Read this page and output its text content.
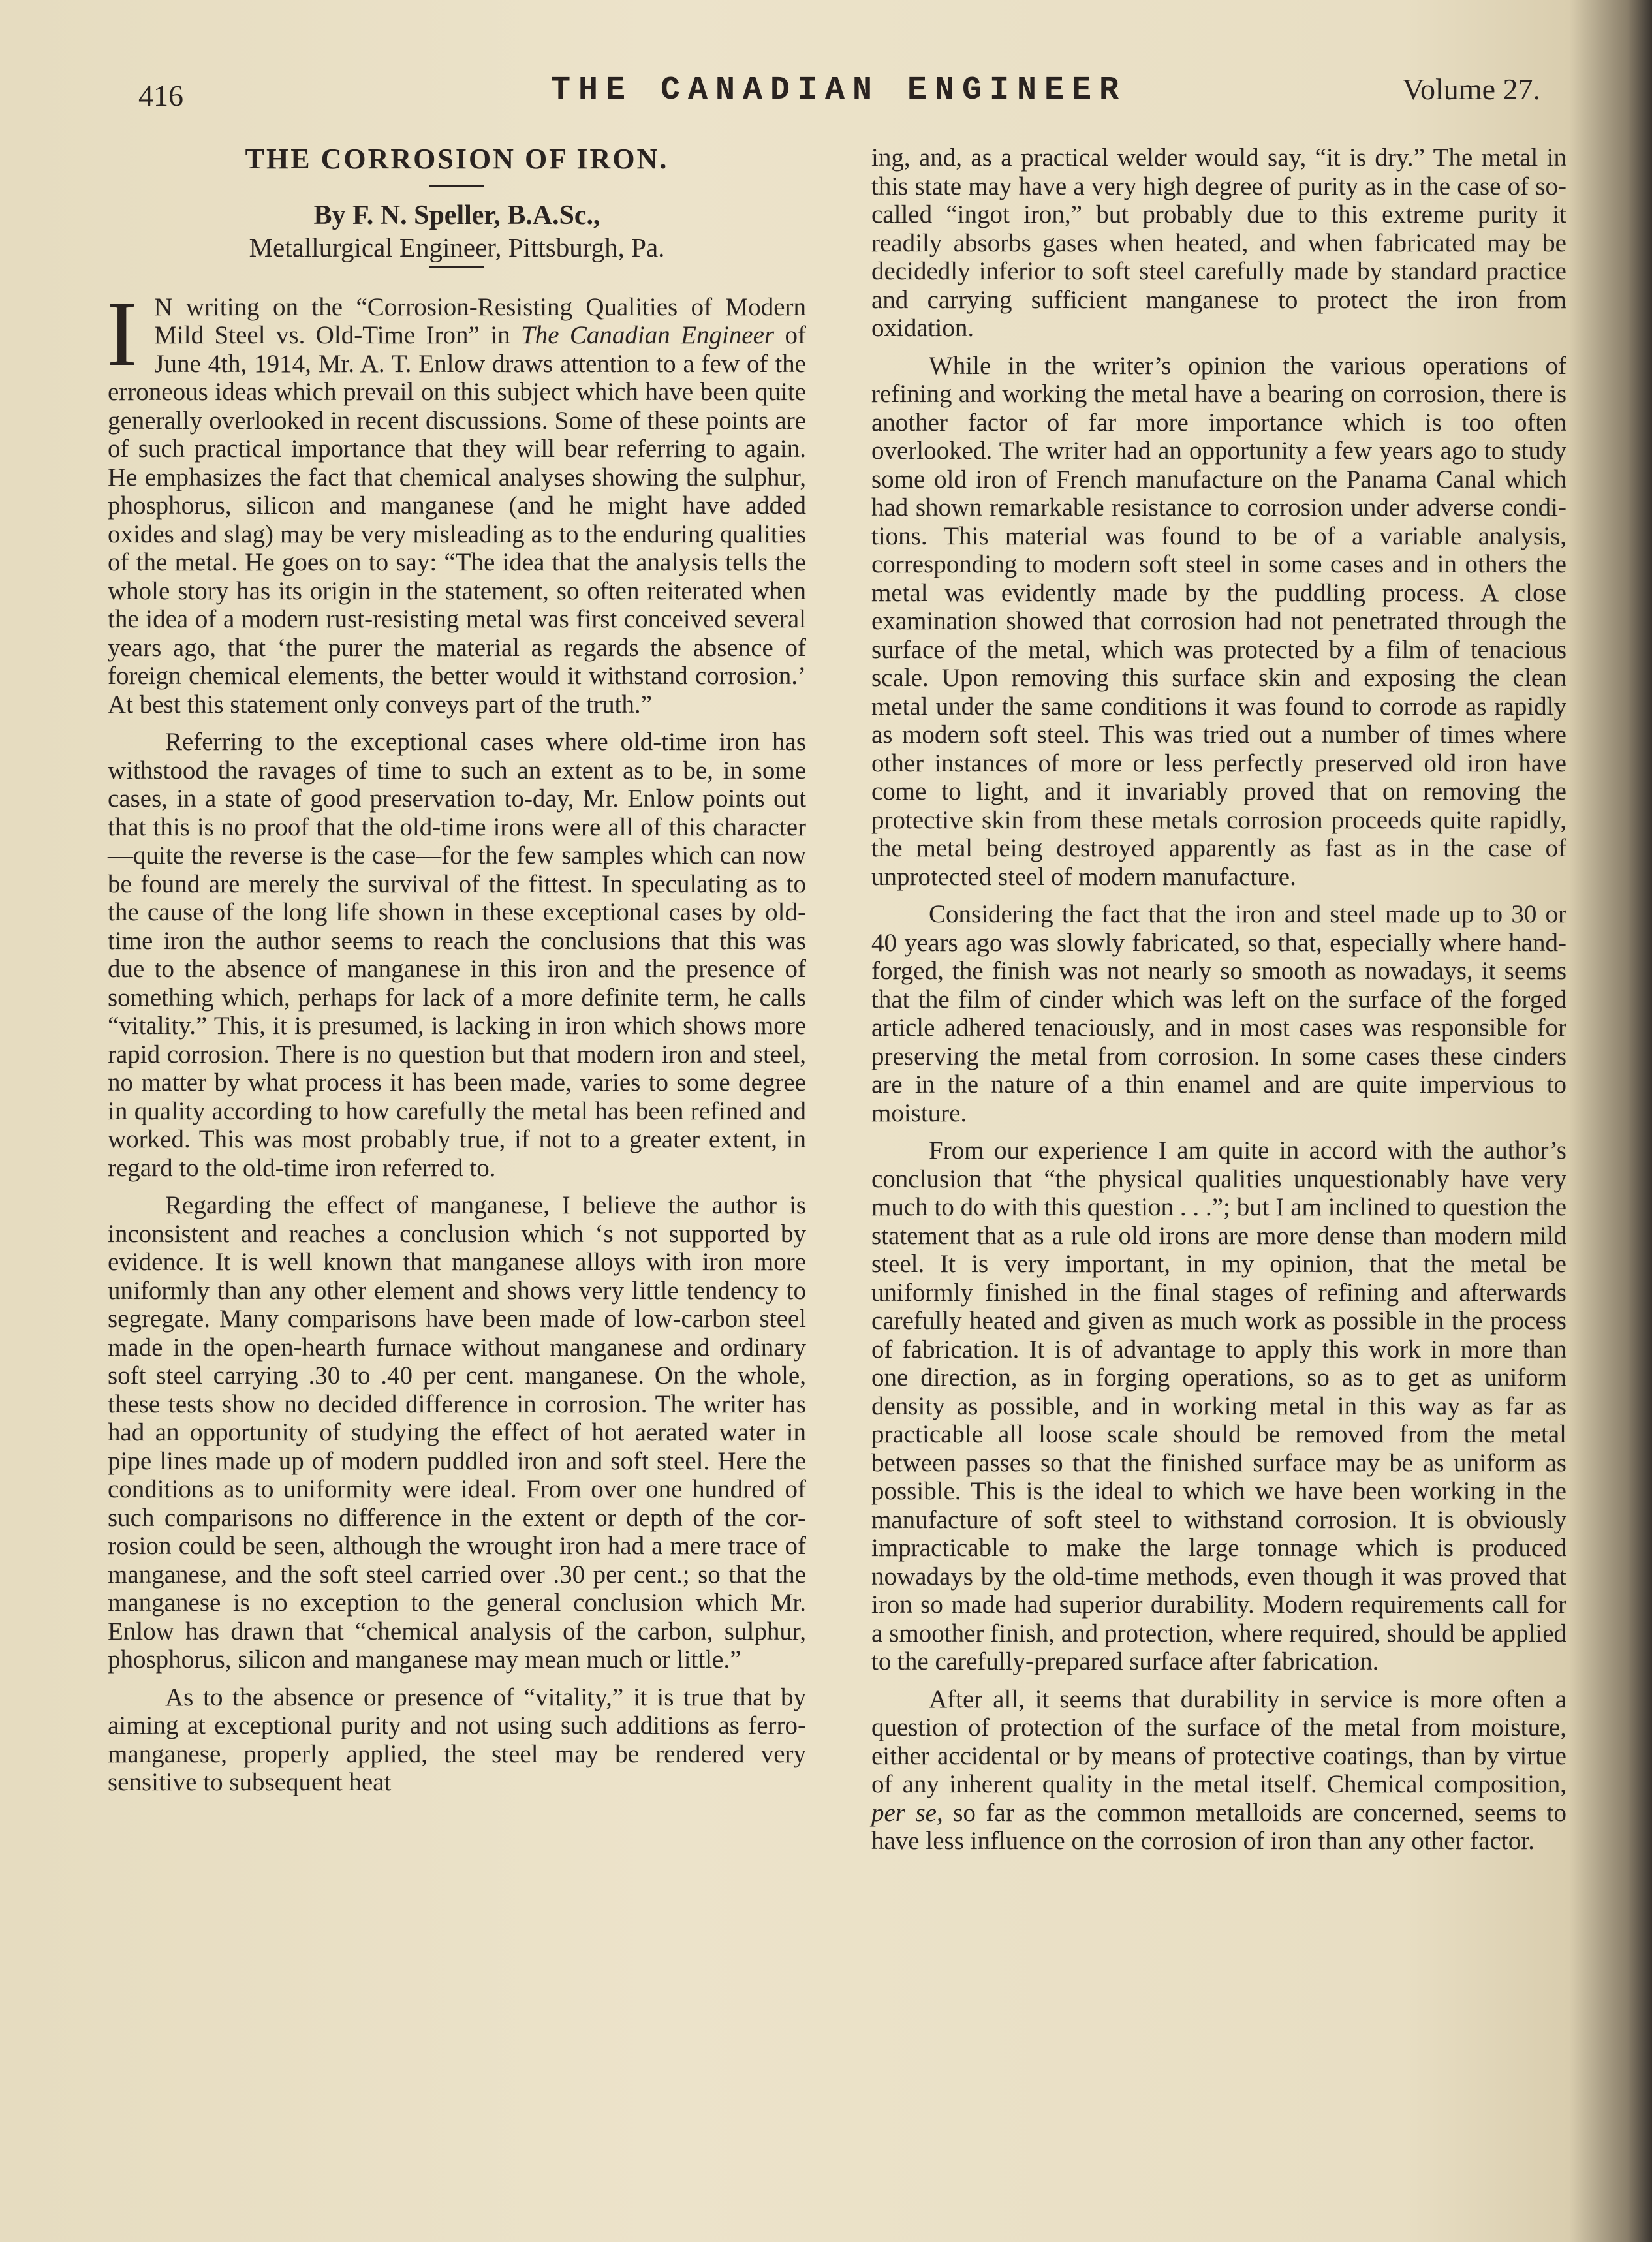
416	THE CANADIAN ENGINEER	Volume 27.
THE CORROSION OF IRON.
By F. N. Speller, B.A.Sc.,
Metallurgical Engineer, Pittsburgh, Pa.

I N writing on the “Corrosion-Resisting Qualities of Modern Mild Steel vs. Old-Time Iron” in The Canadian Engineer of June 4th, 1914, Mr. A. T. Enlow draws attention to a few of the erroneous ideas which prevail on this subject which have been quite generally overlooked in recent discussions. Some of these points are of such practical importance that they will bear referring to again. He emphasizes the fact that chemical analyses showing the sulphur, phosphorus, silicon and manganese (and he might have added oxides and slag) may be very misleading as to the enduring qualities of the metal. He goes on to say: “The idea that the analysis tells the whole story has its origin in the statement, so often reiterated when the idea of a modern rust-resisting metal was first conceived several years ago, that ‘the purer the material as regards the absence of foreign chemical elements, the better would it withstand corrosion.’ At best this statement only conveys part of the truth.”

Referring to the exceptional cases where old-time iron has withstood the ravages of time to such an extent as to be, in some cases, in a state of good preservation to-day, Mr. Enlow points out that this is no proof that the old-time irons were all of this character—quite the reverse is the case—for the few samples which can now be found are merely the survival of the fittest. In speculating as to the cause of the long life shown in these exceptional cases by old-time iron the author seems to reach the conclusions that this was due to the absence of manganese in this iron and the presence of something which, perhaps for lack of a more definite term, he calls “vitality.” This, it is presumed, is lacking in iron which shows more rapid corrosion. There is no question but that modern iron and steel, no matter by what process it has been made, varies to some degree in quality according to how carefully the metal has been refined and worked. This was most probably true, if not to a greater extent, in regard to the old-time iron referred to.

Regarding the effect of manganese, I believe the author is inconsistent and reaches a conclusion which ‘s not supported by evidence. It is well known that manganese alloys with iron more uniformly than any other element and shows very little tendency to segregate. Many comparisons have been made of low-carbon steel made in the open-hearth furnace without manganese and ordinary soft steel carrying .30 to .40 per cent. manganese. On the whole, these tests show no decided difference in corrosion. The writer has had an opportunity of studying the effect of hot aerated water in pipe lines made up of modern puddled iron and soft steel. Here the conditions as to uniformity were ideal. From over one hundred of such comparisons no difference in the extent or depth of the corrosion could be seen, although the wrought iron had a mere trace of manganese, and the soft steel carried over .30 per cent.; so that the manganese is no exception to the general conclusion which Mr. Enlow has drawn that “chemical analysis of the carbon, sulphur, phosphorus, silicon and manganese may mean much or little.”

As to the absence or presence of “vitality,” it is true that by aiming at exceptional purity and not using such additions as ferro-manganese, properly applied, the steel may be rendered very sensitive to subsequent heat

ing, and, as a practical welder would say, “it is dry.” The metal in this state may have a very high degree of purity as in the case of so-called “ingot iron,” but probably due to this extreme purity it readily absorbs gases when heated, and when fabricated may be decidedly inferior to soft steel carefully made by standard practice and carrying sufficient manganese to protect the iron from oxidation.

While in the writer’s opinion the various operations of refining and working the metal have a bearing on corrosion, there is another factor of far more importance which is too often overlooked. The writer had an opportunity a few years ago to study some old iron of French manufacture on the Panama Canal which had shown remarkable resistance to corrosion under adverse conditions. This material was found to be of a variable analysis, corresponding to modern soft steel in some cases and in others the metal was evidently made by the puddling process. A close examination showed that corrosion had not penetrated through the surface of the metal, which was protected by a film of tenacious scale. Upon removing this surface skin and exposing the clean metal under the same conditions it was found to corrode as rapidly as modern soft steel. This was tried out a number of times where other instances of more or less perfectly preserved old iron have come to light, and it invariably proved that on removing the protective skin from these metals corrosion proceeds quite rapidly, the metal being destroyed apparently as fast as in the case of unprotected steel of modern manufacture.

Considering the fact that the iron and steel made up to 30 or 40 years ago was slowly fabricated, so that, especially where hand-forged, the finish was not nearly so smooth as nowadays, it seems that the film of cinder which was left on the surface of the forged article adhered tenaciously, and in most cases was responsible for preserving the metal from corrosion. In some cases these cinders are in the nature of a thin enamel and are quite impervious to moisture.

From our experience I am quite in accord with the author’s conclusion that “the physical qualities unquestionably have very much to do with this question . . .”; but I am inclined to question the statement that as a rule old irons are more dense than modern mild steel. It is very important, in my opinion, that the metal be uniformly finished in the final stages of refining and afterwards carefully heated and given as much work as possible in the process of fabrication. It is of advantage to apply this work in more than one direction, as in forging operations, so as to get as uniform density as possible, and in working metal in this way as far as practicable all loose scale should be removed from the metal between passes so that the finished surface may be as uniform as possible. This is the ideal to which we have been working in the manufacture of soft steel to withstand corrosion. It is obviously impracticable to make the large tonnage which is produced nowadays by the old-time methods, even though it was proved that iron so made had superior durability. Modern requirements call for a smoother finish, and protection, where required, should be applied to the carefully-prepared surface after fabrication.

After all, it seems that durability in service is more often a question of protection of the surface of the metal from moisture, either accidental or by means of protective coatings, than by virtue of any inherent quality in the metal itself. Chemical composition, per se, so far as the common metalloids are concerned, seems to have less influence on the corrosion of iron than any other factor.
